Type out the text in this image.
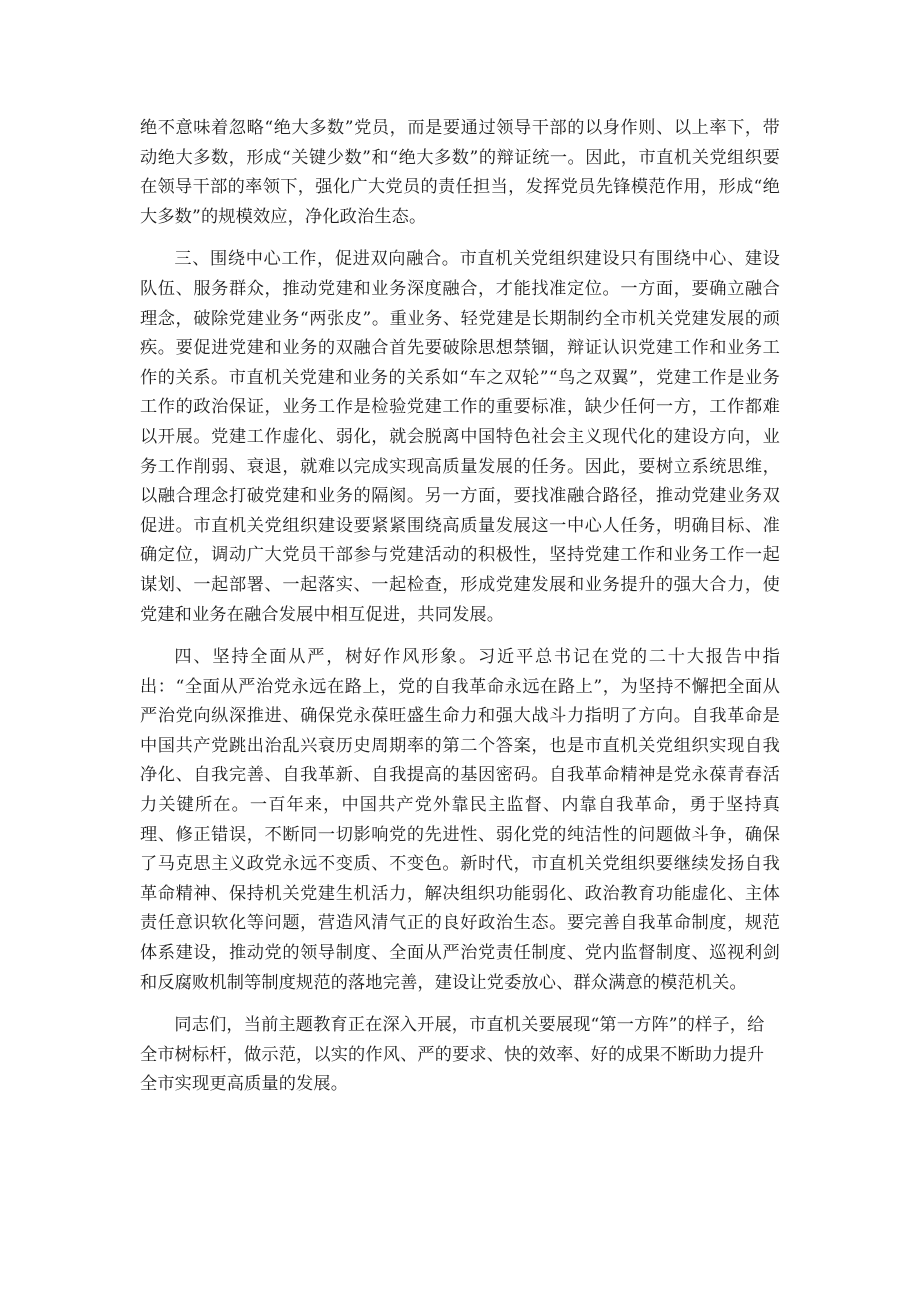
绝不意味着忽略“绝大多数”党员，而是要通过领导干部的以身作则、以上率下，带动绝大多数，形成“关键少数”和“绝大多数”的辩证统一。因此，市直机关党组织要在领导干部的率领下，强化广大党员的责任担当，发挥党员先锋模范作用，形成“绝大多数”的规模效应，净化政治生态。

三、围绕中心工作，促进双向融合。市直机关党组织建设只有围绕中心、建设队伍、服务群众，推动党建和业务深度融合，才能找准定位。一方面，要确立融合理念，破除党建业务“两张皮”。重业务、轻党建是长期制约全市机关党建发展的顽疾。要促进党建和业务的双融合首先要破除思想禁锢，辩证认识党建工作和业务工作的关系。市直机关党建和业务的关系如“车之双轮”“鸟之双翼”，党建工作是业务工作的政治保证，业务工作是检验党建工作的重要标准，缺少任何一方，工作都难以开展。党建工作虚化、弱化，就会脱离中国特色社会主义现代化的建设方向，业务工作削弱、衰退，就难以完成实现高质量发展的任务。因此，要树立系统思维，以融合理念打破党建和业务的隔阂。另一方面，要找准融合路径，推动党建业务双促进。市直机关党组织建设要紧紧围绕高质量发展这一中心人任务，明确目标、准确定位，调动广大党员干部参与党建活动的积极性，坚持党建工作和业务工作一起谋划、一起部署、一起落实、一起检查，形成党建发展和业务提升的强大合力，使党建和业务在融合发展中相互促进，共同发展。

四、坚持全面从严，树好作风形象。习近平总书记在党的二十大报告中指出：“全面从严治党永远在路上，党的自我革命永远在路上”，为坚持不懈把全面从严治党向纵深推进、确保党永葆旺盛生命力和强大战斗力指明了方向。自我革命是中国共产党跳出治乱兴衰历史周期率的第二个答案，也是市直机关党组织实现自我净化、自我完善、自我革新、自我提高的基因密码。自我革命精神是党永葆青春活力关键所在。一百年来，中国共产党外靠民主监督、内靠自我革命，勇于坚持真理、修正错误，不断同一切影响党的先进性、弱化党的纯洁性的问题做斗争，确保了马克思主义政党永远不变质、不变色。新时代，市直机关党组织要继续发扬自我革命精神、保持机关党建生机活力，解决组织功能弱化、政治教育功能虚化、主体责任意识软化等问题，营造风清气正的良好政治生态。要完善自我革命制度，规范体系建设，推动党的领导制度、全面从严治党责任制度、党内监督制度、巡视利剑和反腐败机制等制度规范的落地完善，建设让党委放心、群众满意的模范机关。

同志们，当前主题教育正在深入开展，市直机关要展现“第一方阵”的样子，给全市树标杆，做示范，以实的作风、严的要求、快的效率、好的成果不断助力提升全市实现更高质量的发展。
